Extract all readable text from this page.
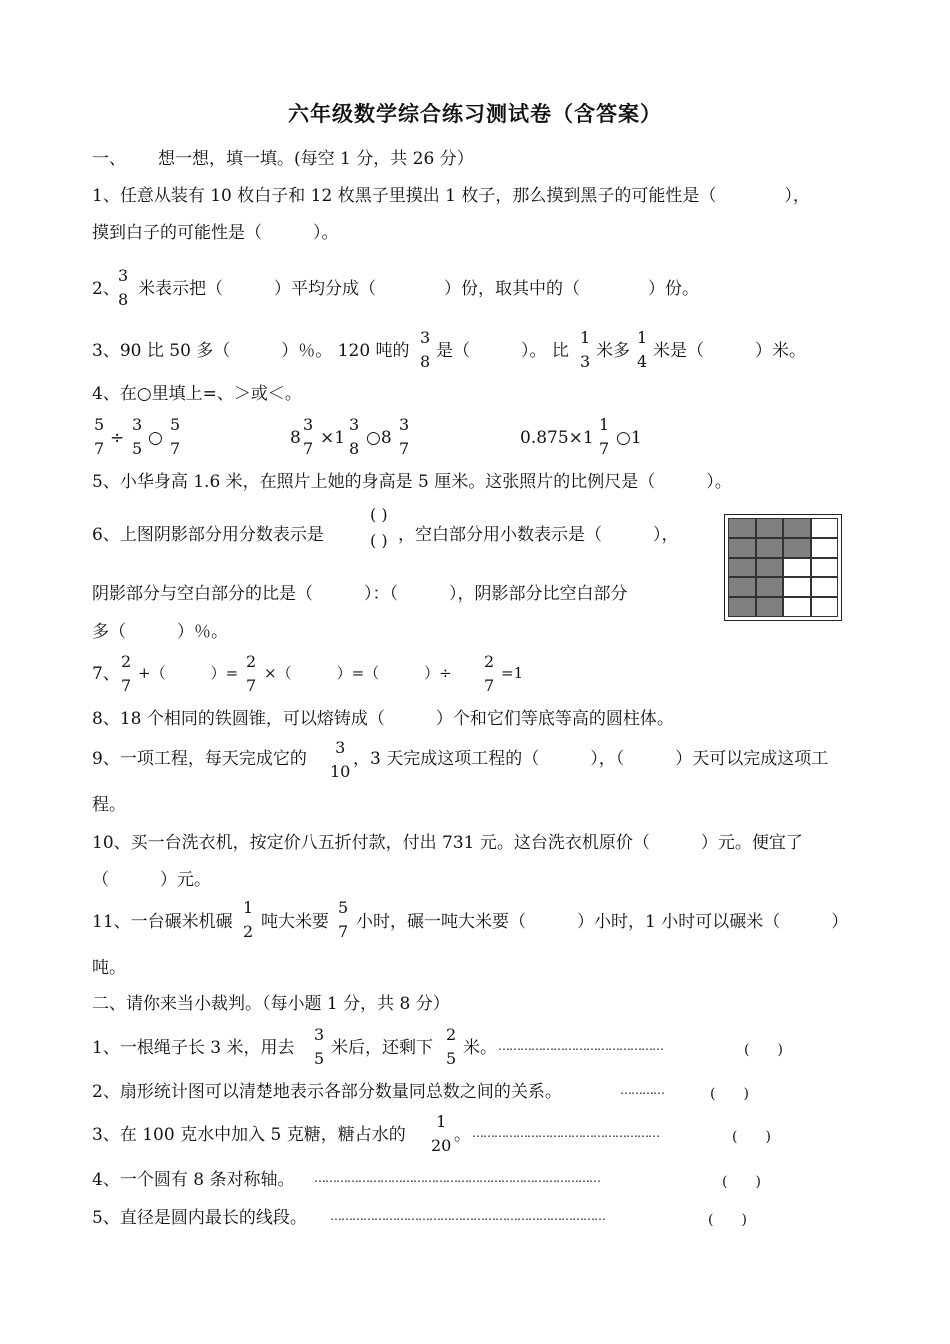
六年级数学综合练习测试卷（含答案）
一、 想一想，填一填。(每空 1 分，共 26 分）
1、任意从装有 10 枚白子和 12 枚黑子里摸出 1 枚子，那么摸到黑子的可能性是（　　　　），
摸到白子的可能性是（　　　）。
2、
3
8
米表示把（　　　）平均分成（　　　　）份，取其中的（　　　　）份。
3、90 比 50 多（　　　）％。 120 吨的
3
8
是（　　　）。 比
1
3
米多
1
4
米是（　　　）米。
4、在○里填上=、＞或＜。
5
7
÷
3
5
○
5
7
8
3
7
×1
3
8
○8
3
7
0.875×1
1
7
○1
5、小华身高 1.6 米，在照片上她的身高是 5 厘米。这张照片的比例尺是（　　　）。
6、上图阴影部分用分数表示是
( )
( ) ，空白部分用小数表示是（　　　），
阴影部分与空白部分的比是（　　　）：（　　　），阴影部分比空白部分
多（　　　）％。
7、
2
7
+（　　　）=
2
7
×（　　　）=（　　　）÷
2
7
=1
8、18 个相同的铁圆锥，可以熔铸成（　　　）个和它们等底等高的圆柱体。
9、一项工程，每天完成它的
3
10
，3 天完成这项工程的（　　　），（　　　）天可以完成这项工
程。
10、买一台洗衣机，按定价八五折付款，付出 731 元。这台洗衣机原价（　　　）元。便宜了
（　　　）元。
11、一台碾米机碾
1
2 吨大米要
5
7 小时，碾一吨大米要（　　　）小时，1 小时可以碾米（　　　）
吨。
二、请你来当小裁判。（每小题 1 分，共 8 分）
1、一根绳子长 3 米，用去
3
5
米后，还剩下
2
5
米。 ………………………………………	(　　)
2、扇形统计图可以清楚地表示各部分数量同总数之间的关系。	…………	(　　)
3、在 100 克水中加入 5 克糖，糖占水的
1
20
。 ……………………………………………	(　　)
4、一个圆有 8 条对称轴。 ……………………………………………………………………	(　　)
5、直径是圆内最长的线段。 …………………………………………………………………	(　　)
